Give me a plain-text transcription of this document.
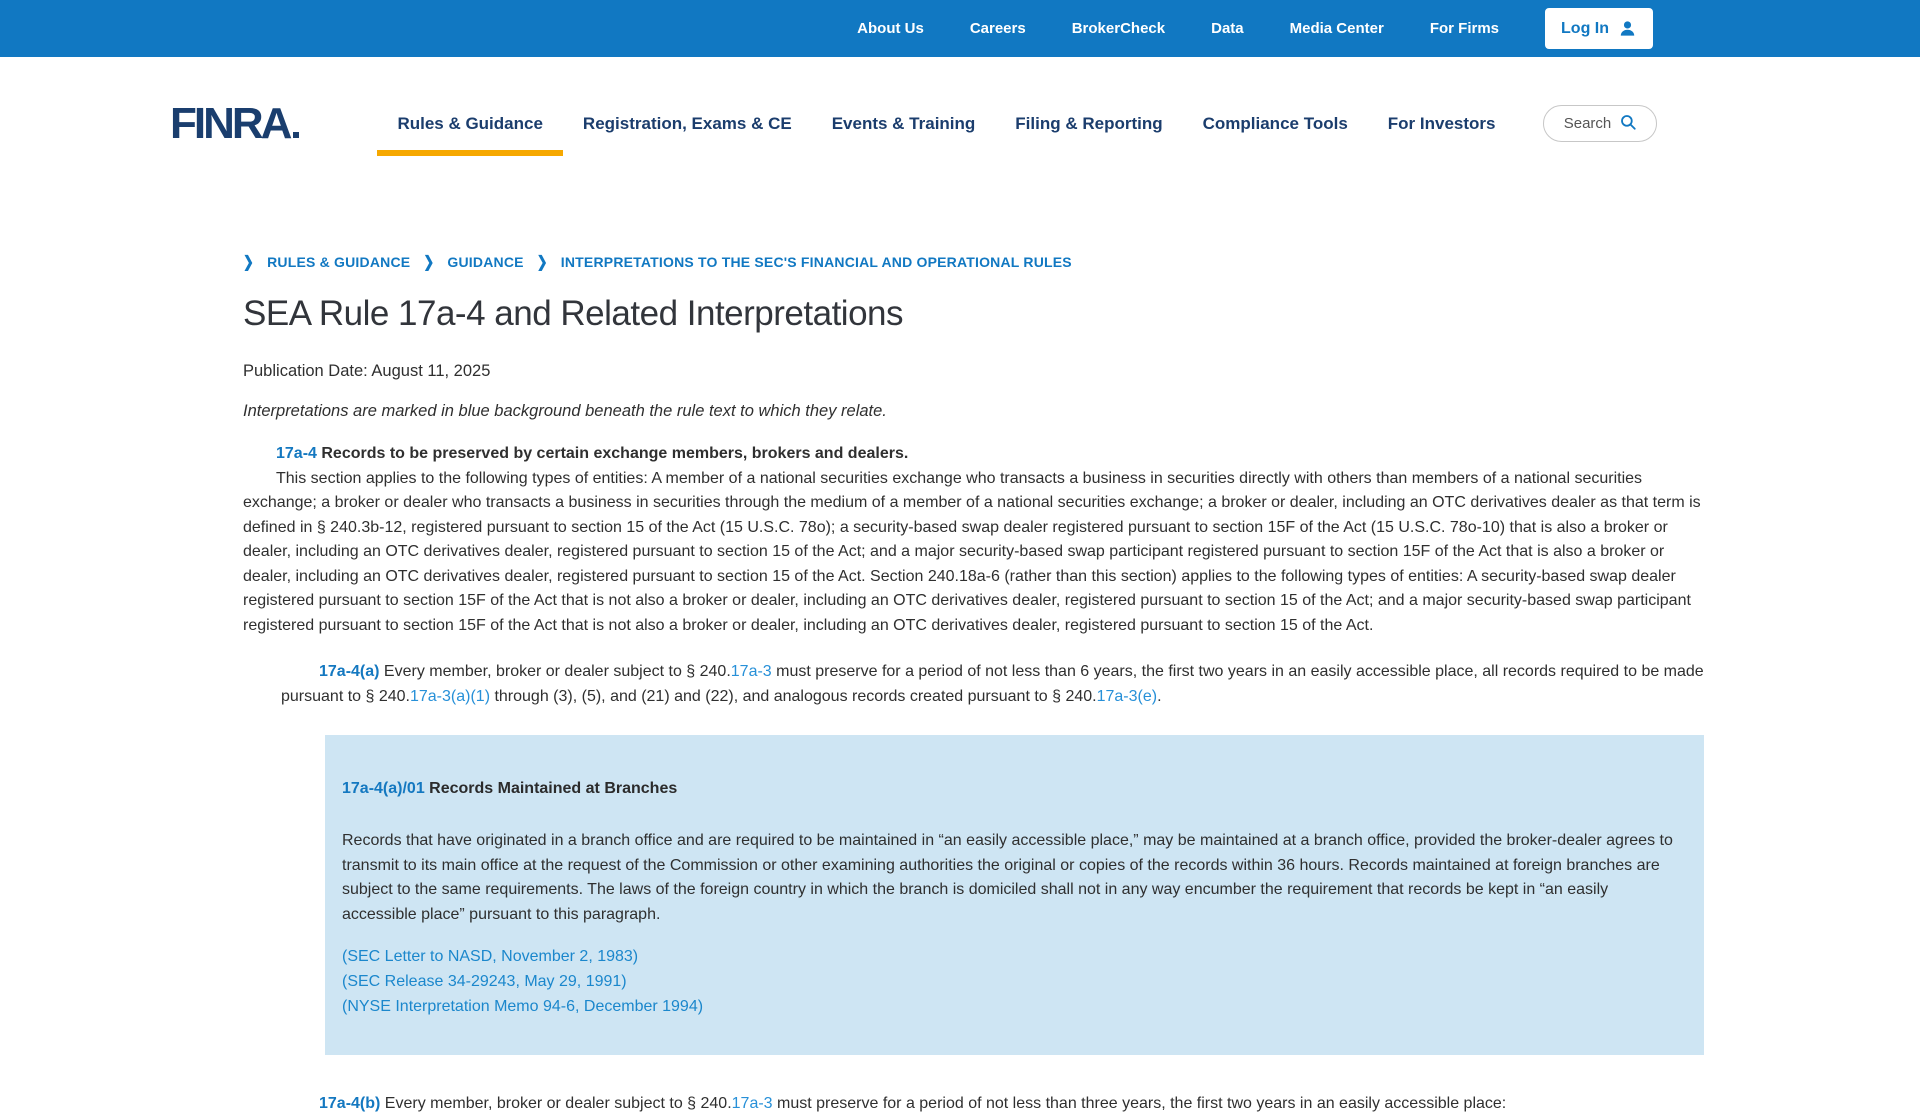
About Us	Careers	BrokerCheck	Data	Media Center	For Firms	Log In
FINRA	Rules & Guidance	Registration, Exams & CE	Events & Training	Filing & Reporting	Compliance Tools	For Investors	Search
❯ RULES & GUIDANCE ❯ GUIDANCE ❯ INTERPRETATIONS TO THE SEC'S FINANCIAL AND OPERATIONAL RULES
SEA Rule 17a-4 and Related Interpretations
Publication Date: August 11, 2025
Interpretations are marked in blue background beneath the rule text to which they relate.
17a-4 Records to be preserved by certain exchange members, brokers and dealers.
This section applies to the following types of entities: A member of a national securities exchange who transacts a business in securities directly with others than members of a national securities exchange; a broker or dealer who transacts a business in securities through the medium of a member of a national securities exchange; a broker or dealer, including an OTC derivatives dealer as that term is defined in § 240.3b-12, registered pursuant to section 15 of the Act (15 U.S.C. 78o); a security-based swap dealer registered pursuant to section 15F of the Act (15 U.S.C. 78o-10) that is also a broker or dealer, including an OTC derivatives dealer, registered pursuant to section 15 of the Act; and a major security-based swap participant registered pursuant to section 15F of the Act that is also a broker or dealer, including an OTC derivatives dealer, registered pursuant to section 15 of the Act. Section 240.18a-6 (rather than this section) applies to the following types of entities: A security-based swap dealer registered pursuant to section 15F of the Act that is not also a broker or dealer, including an OTC derivatives dealer, registered pursuant to section 15 of the Act; and a major security-based swap participant registered pursuant to section 15F of the Act that is not also a broker or dealer, including an OTC derivatives dealer, registered pursuant to section 15 of the Act.
17a-4(a) Every member, broker or dealer subject to § 240.17a-3 must preserve for a period of not less than 6 years, the first two years in an easily accessible place, all records required to be made pursuant to § 240.17a-3(a)(1) through (3), (5), and (21) and (22), and analogous records created pursuant to § 240.17a-3(e).
17a-4(a)/01 Records Maintained at Branches
Records that have originated in a branch office and are required to be maintained in “an easily accessible place,” may be maintained at a branch office, provided the broker-dealer agrees to transmit to its main office at the request of the Commission or other examining authorities the original or copies of the records within 36 hours. Records maintained at foreign branches are subject to the same requirements. The laws of the foreign country in which the branch is domiciled shall not in any way encumber the requirement that records be kept in “an easily accessible place” pursuant to this paragraph.
(SEC Letter to NASD, November 2, 1983)
(SEC Release 34-29243, May 29, 1991)
(NYSE Interpretation Memo 94-6, December 1994)
17a-4(b) Every member, broker or dealer subject to § 240.17a-3 must preserve for a period of not less than three years, the first two years in an easily accessible place:
